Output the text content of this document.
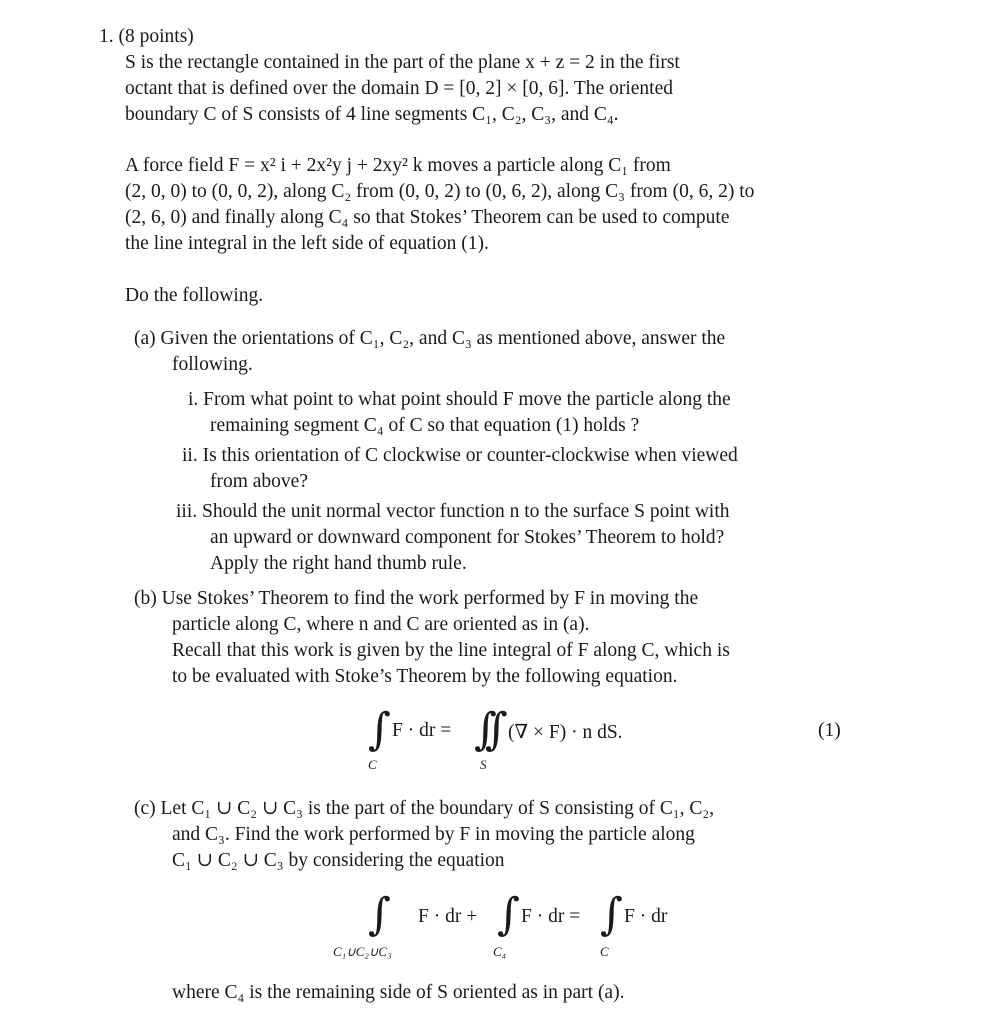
1. (8 points)
S is the rectangle contained in the part of the plane x + z = 2 in the first
octant that is defined over the domain D = [0, 2] × [0, 6]. The oriented
boundary C of S consists of 4 line segments C₁, C₂, C₃, and C₄.
A force field F = x² i + 2x²y j + 2xy² k moves a particle along C₁ from
(2, 0, 0) to (0, 0, 2), along C₂ from (0, 0, 2) to (0, 6, 2), along C₃ from (0, 6, 2) to
(2, 6, 0) and finally along C₄ so that Stokes’ Theorem can be used to compute
the line integral in the left side of equation (1).
Do the following.
(a) Given the orientations of C₁, C₂, and C₃ as mentioned above, answer the
following.
i. From what point to what point should F move the particle along the
remaining segment C₄ of C so that equation (1) holds ?
ii. Is this orientation of C clockwise or counter-clockwise when viewed
from above?
iii. Should the unit normal vector function n to the surface S point with
an upward or downward component for Stokes’ Theorem to hold?
Apply the right hand thumb rule.
(b) Use Stokes’ Theorem to find the work performed by F in moving the
particle along C, where n and C are oriented as in (a).
Recall that this work is given by the line integral of F along C, which is
to be evaluated with Stoke’s Theorem by the following equation.
∫
C
F · dr = ∫∫
S
(∇ × F) · n dS.	(1)
(c) Let C₁ ∪ C₂ ∪ C₃ is the part of the boundary of S consisting of C₁, C₂,
and C₃. Find the work performed by F in moving the particle along
C₁ ∪ C₂ ∪ C₃ by considering the equation
∫
C₁∪C₂∪C₃
F · dr + ∫
C₄
F · dr = ∫
C
F · dr
where C₄ is the remaining side of S oriented as in part (a).
